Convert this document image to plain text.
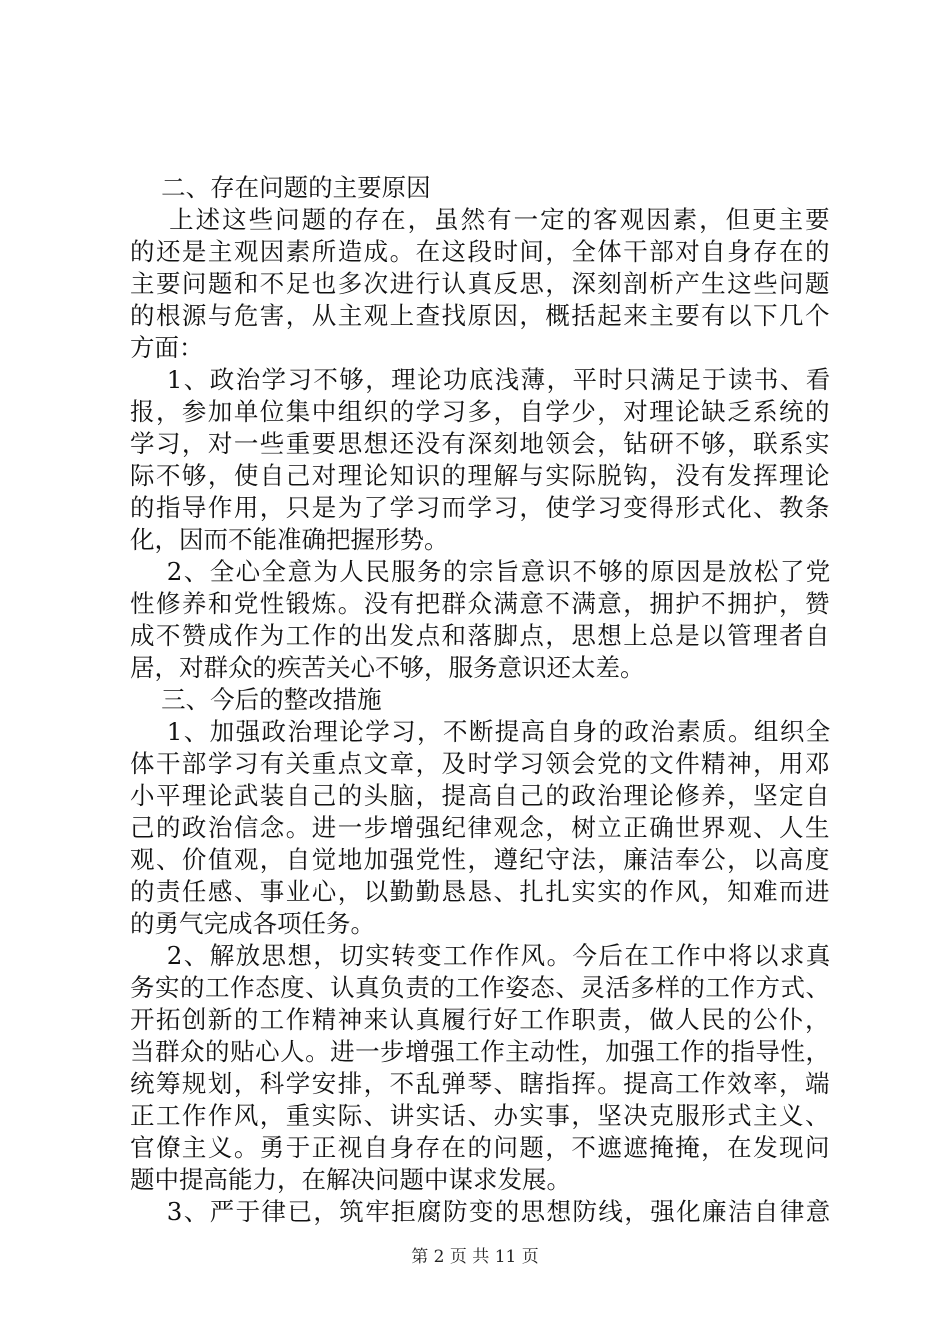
二、存在问题的主要原因
上述这些问题的存在，虽然有一定的客观因素，但更主要
的还是主观因素所造成。在这段时间，全体干部对自身存在的
主要问题和不足也多次进行认真反思，深刻剖析产生这些问题
的根源与危害，从主观上查找原因，概括起来主要有以下几个
方面：
1、政治学习不够，理论功底浅薄，平时只满足于读书、看
报，参加单位集中组织的学习多，自学少，对理论缺乏系统的
学习，对一些重要思想还没有深刻地领会，钻研不够，联系实
际不够，使自己对理论知识的理解与实际脱钩，没有发挥理论
的指导作用，只是为了学习而学习，使学习变得形式化、教条
化，因而不能准确把握形势。
2、全心全意为人民服务的宗旨意识不够的原因是放松了党
性修养和党性锻炼。没有把群众满意不满意，拥护不拥护，赞
成不赞成作为工作的出发点和落脚点，思想上总是以管理者自
居，对群众的疾苦关心不够，服务意识还太差。
三、今后的整改措施
1、加强政治理论学习，不断提高自身的政治素质。组织全
体干部学习有关重点文章，及时学习领会党的文件精神，用邓
小平理论武装自己的头脑，提高自己的政治理论修养，坚定自
己的政治信念。进一步增强纪律观念，树立正确世界观、人生
观、价值观，自觉地加强党性，遵纪守法，廉洁奉公，以高度
的责任感、事业心，以勤勤恳恳、扎扎实实的作风，知难而进
的勇气完成各项任务。
2、解放思想，切实转变工作作风。今后在工作中将以求真
务实的工作态度、认真负责的工作姿态、灵活多样的工作方式、
开拓创新的工作精神来认真履行好工作职责，做人民的公仆，
当群众的贴心人。进一步增强工作主动性，加强工作的指导性，
统筹规划，科学安排，不乱弹琴、瞎指挥。提高工作效率，端
正工作作风，重实际、讲实话、办实事，坚决克服形式主义、
官僚主义。勇于正视自身存在的问题，不遮遮掩掩，在发现问
题中提高能力，在解决问题中谋求发展。
3、严于律已，筑牢拒腐防变的思想防线，强化廉洁自律意
第 2 页 共 11 页
